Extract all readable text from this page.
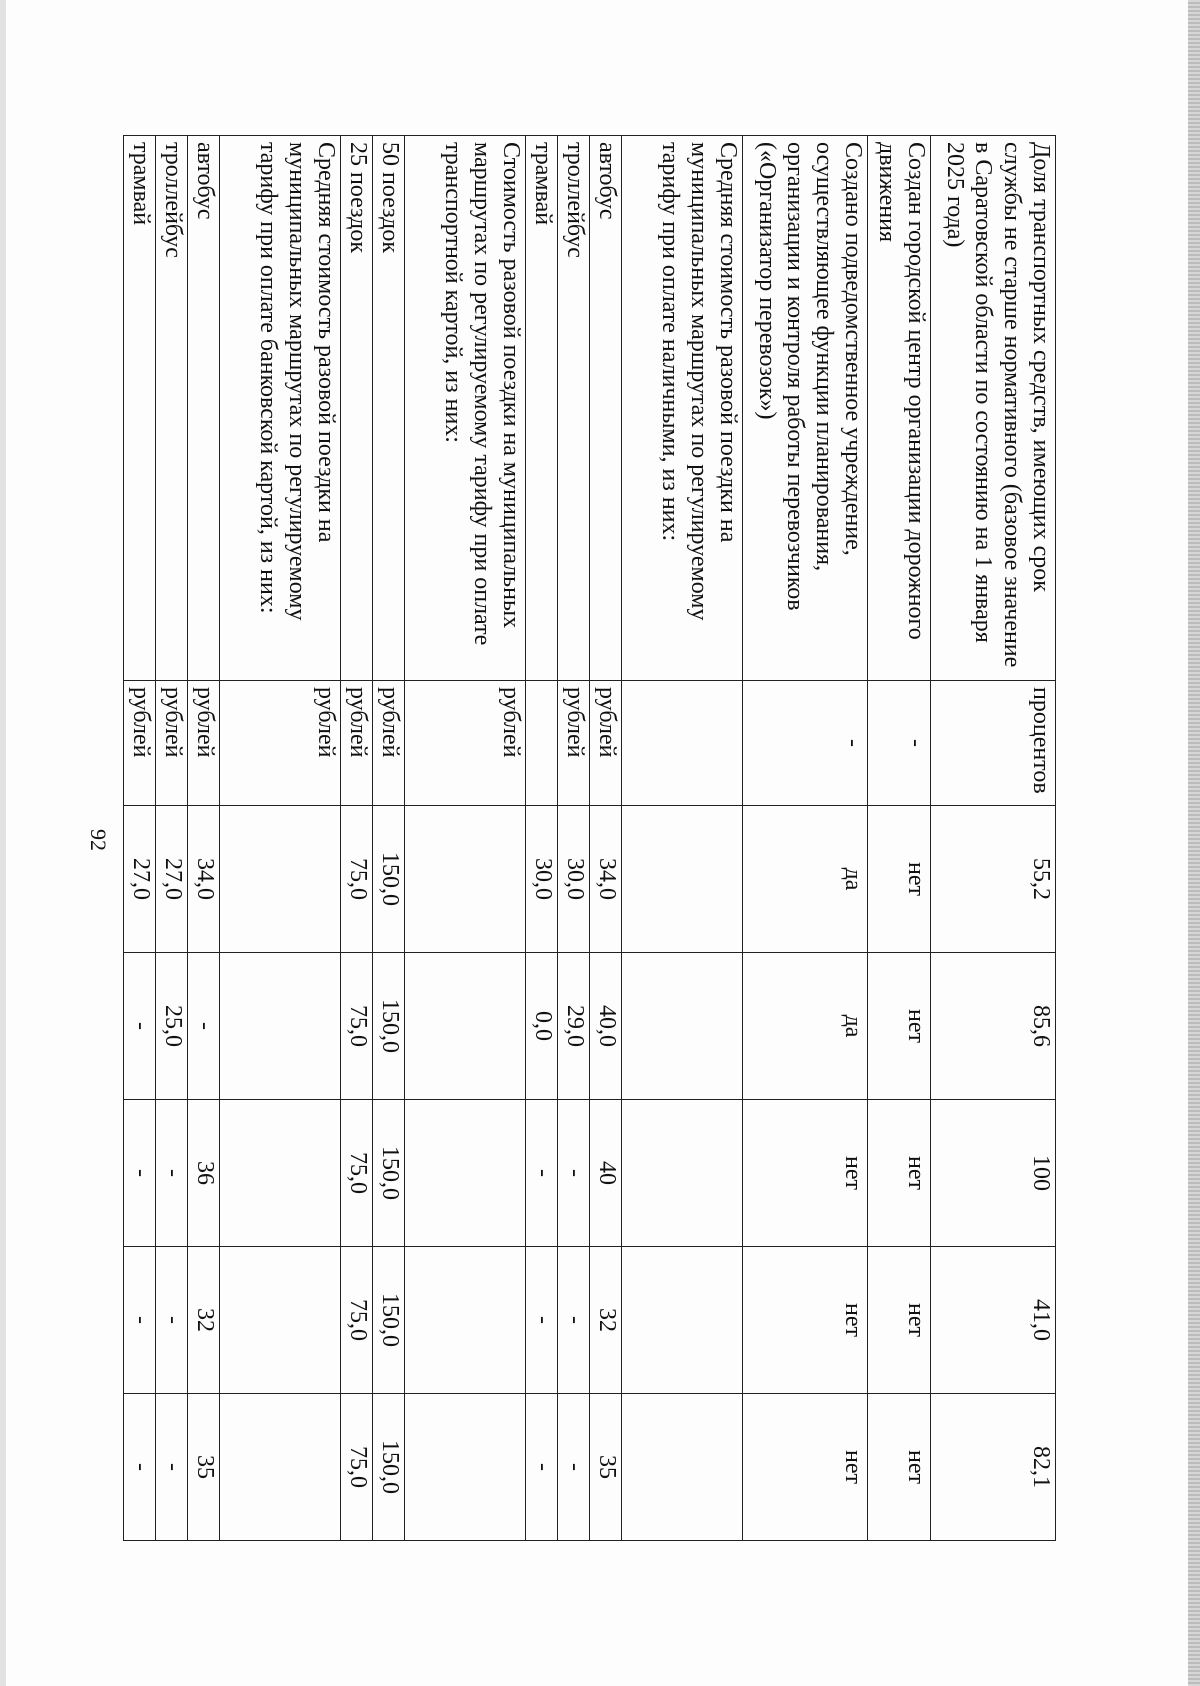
92
Доля транспортных средств, имеющих срок службы не старше нормативного (базовое значение в Саратовской области по состоянию на 1 января 2025 года)	процентов	55,2	85,6	100	41,0	82,1
Создан городской центр организации дорожного движения	-	нет	нет	нет	нет	нет
Создано подведомственное учреждение, осуществляющее функции планирования, организации и контроля работы перевозчиков («Организатор перевозок»)	-	да	да	нет	нет	нет
Средняя стоимость разовой поездки на муниципальных маршрутах по регулируемому тарифу при оплате наличными, из них:						
автобус	рублей	34,0	40,0	40	32	35
троллейбус	рублей	30,0	29,0	-	-	-
трамвай		30,0	0,0	-	-	-
Стоимость разовой поездки на муниципальных маршрутах по регулируемому тарифу при оплате транспортной картой, из них:	рублей					
50 поездок	рублей	150,0	150,0	150,0	150,0	150,0
25 поездок	рублей	75,0	75,0	75,0	75,0	75,0
Средняя стоимость разовой поездки на муниципальных маршрутах по регулируемому тарифу при оплате банковской картой, из них:	рублей					
автобус	рублей	34,0	-	36	32	35
троллейбус	рублей	27,0	25,0	-	-	-
трамвай	рублей	27,0	-	-	-	-
